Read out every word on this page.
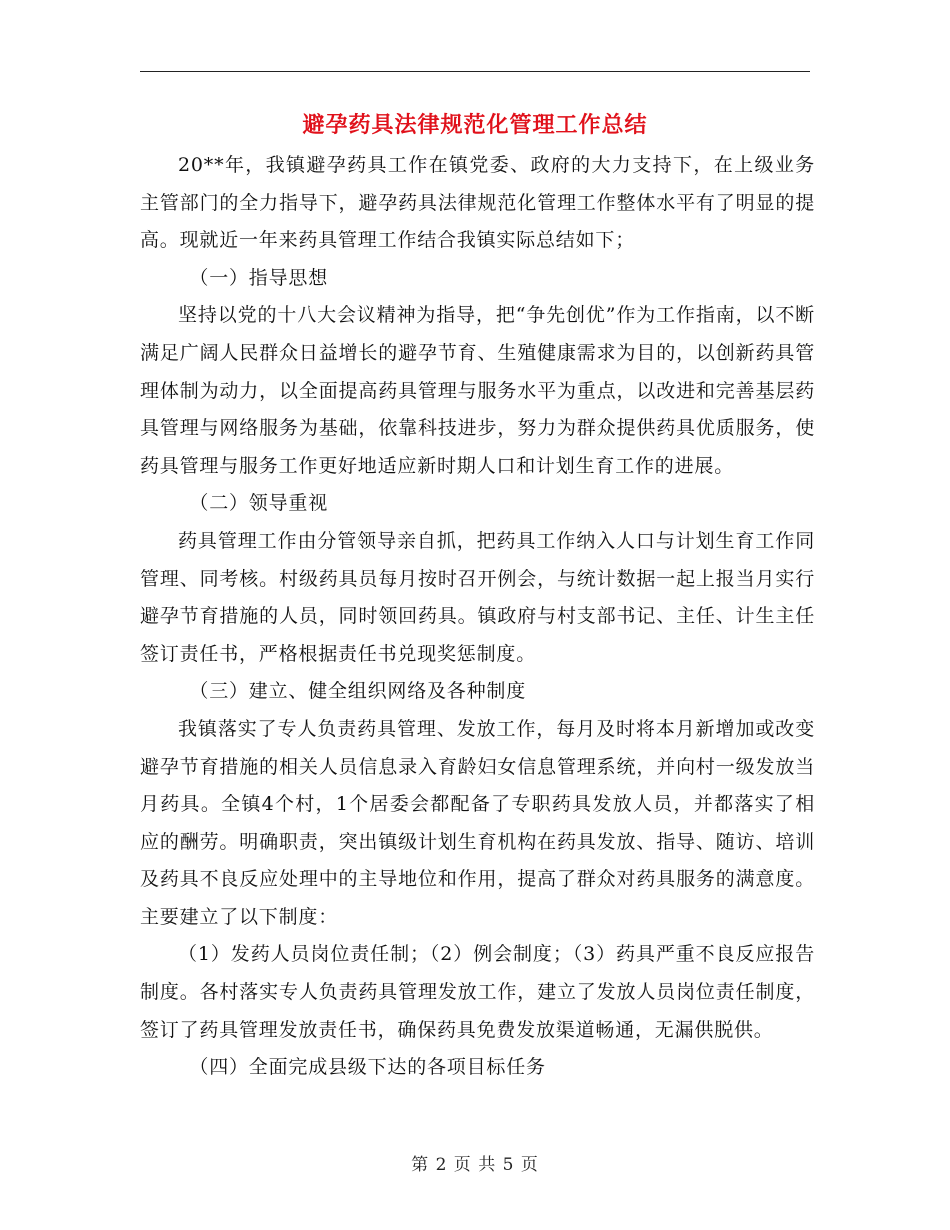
避孕药具法律规范化管理工作总结

20**年，我镇避孕药具工作在镇党委、政府的大力支持下，在上级业务主管部门的全力指导下，避孕药具法律规范化管理工作整体水平有了明显的提高。现就近一年来药具管理工作结合我镇实际总结如下；

（一）指导思想

坚持以党的十八大会议精神为指导，把“争先创优”作为工作指南，以不断满足广阔人民群众日益增长的避孕节育、生殖健康需求为目的，以创新药具管理体制为动力，以全面提高药具管理与服务水平为重点，以改进和完善基层药具管理与网络服务为基础，依靠科技进步，努力为群众提供药具优质服务，使药具管理与服务工作更好地适应新时期人口和计划生育工作的进展。

（二）领导重视

药具管理工作由分管领导亲自抓，把药具工作纳入人口与计划生育工作同管理、同考核。村级药具员每月按时召开例会，与统计数据一起上报当月实行避孕节育措施的人员，同时领回药具。镇政府与村支部书记、主任、计生主任签订责任书，严格根据责任书兑现奖惩制度。

（三）建立、健全组织网络及各种制度

我镇落实了专人负责药具管理、发放工作，每月及时将本月新增加或改变避孕节育措施的相关人员信息录入育龄妇女信息管理系统，并向村一级发放当月药具。全镇4个村，1个居委会都配备了专职药具发放人员，并都落实了相应的酬劳。明确职责，突出镇级计划生育机构在药具发放、指导、随访、培训及药具不良反应处理中的主导地位和作用，提高了群众对药具服务的满意度。主要建立了以下制度：

（1）发药人员岗位责任制；（2）例会制度；（3）药具严重不良反应报告制度。各村落实专人负责药具管理发放工作，建立了发放人员岗位责任制度，签订了药具管理发放责任书，确保药具免费发放渠道畅通，无漏供脱供。

（四）全面完成县级下达的各项目标任务

第 2 页 共 5 页
